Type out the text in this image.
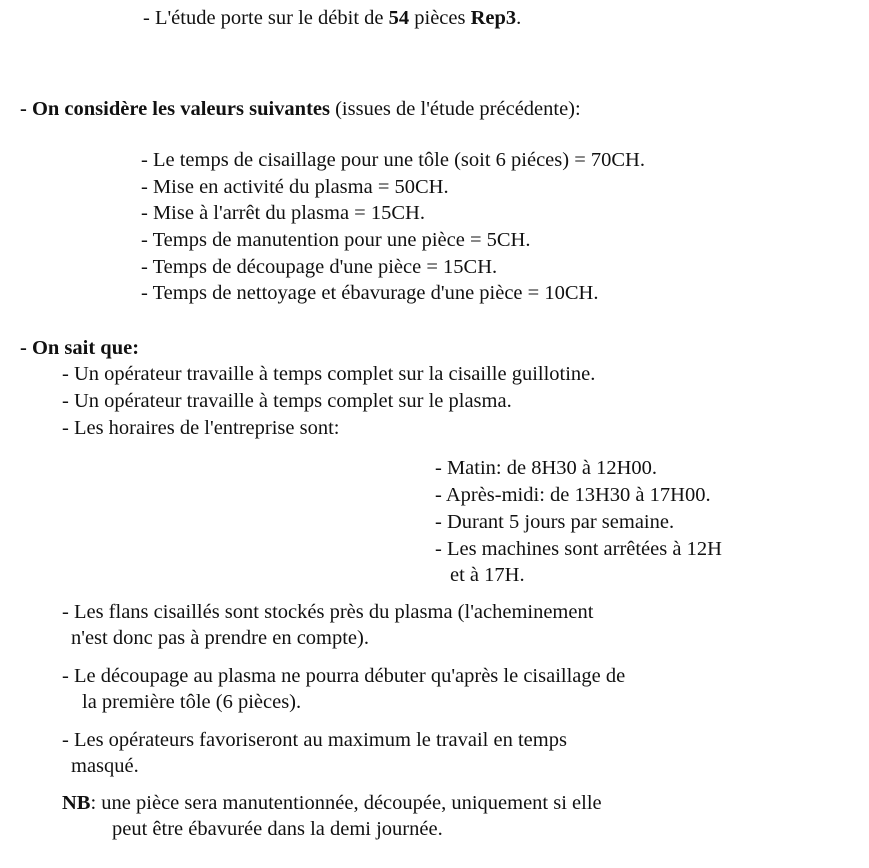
- L'étude porte sur le débit de 54 pièces Rep3.
- On considère les valeurs suivantes (issues de l'étude précédente):
- Le temps de cisaillage pour une tôle (soit 6 piéces) = 70CH.
- Mise en activité du plasma = 50CH.
- Mise à l'arrêt du plasma = 15CH.
- Temps de manutention pour une pièce = 5CH.
- Temps de découpage d'une pièce = 15CH.
- Temps de nettoyage et ébavurage d'une pièce = 10CH.
- On sait que:
- Un opérateur travaille à temps complet sur la cisaille guillotine.
- Un opérateur travaille à temps complet sur le plasma.
- Les horaires de l'entreprise sont:
- Matin: de 8H30 à 12H00.
- Après-midi: de 13H30 à 17H00.
- Durant 5 jours par semaine.
- Les machines sont arrêtées à 12H
et à 17H.
- Les flans cisaillés sont stockés près du plasma (l'acheminement
n'est donc pas à prendre en compte).
- Le découpage au plasma ne pourra débuter qu'après le cisaillage de
la première tôle (6 pièces).
- Les opérateurs favoriseront au maximum le travail en temps
masqué.
NB: une pièce sera manutentionnée, découpée, uniquement si elle
peut être ébavurée dans la demi journée.
